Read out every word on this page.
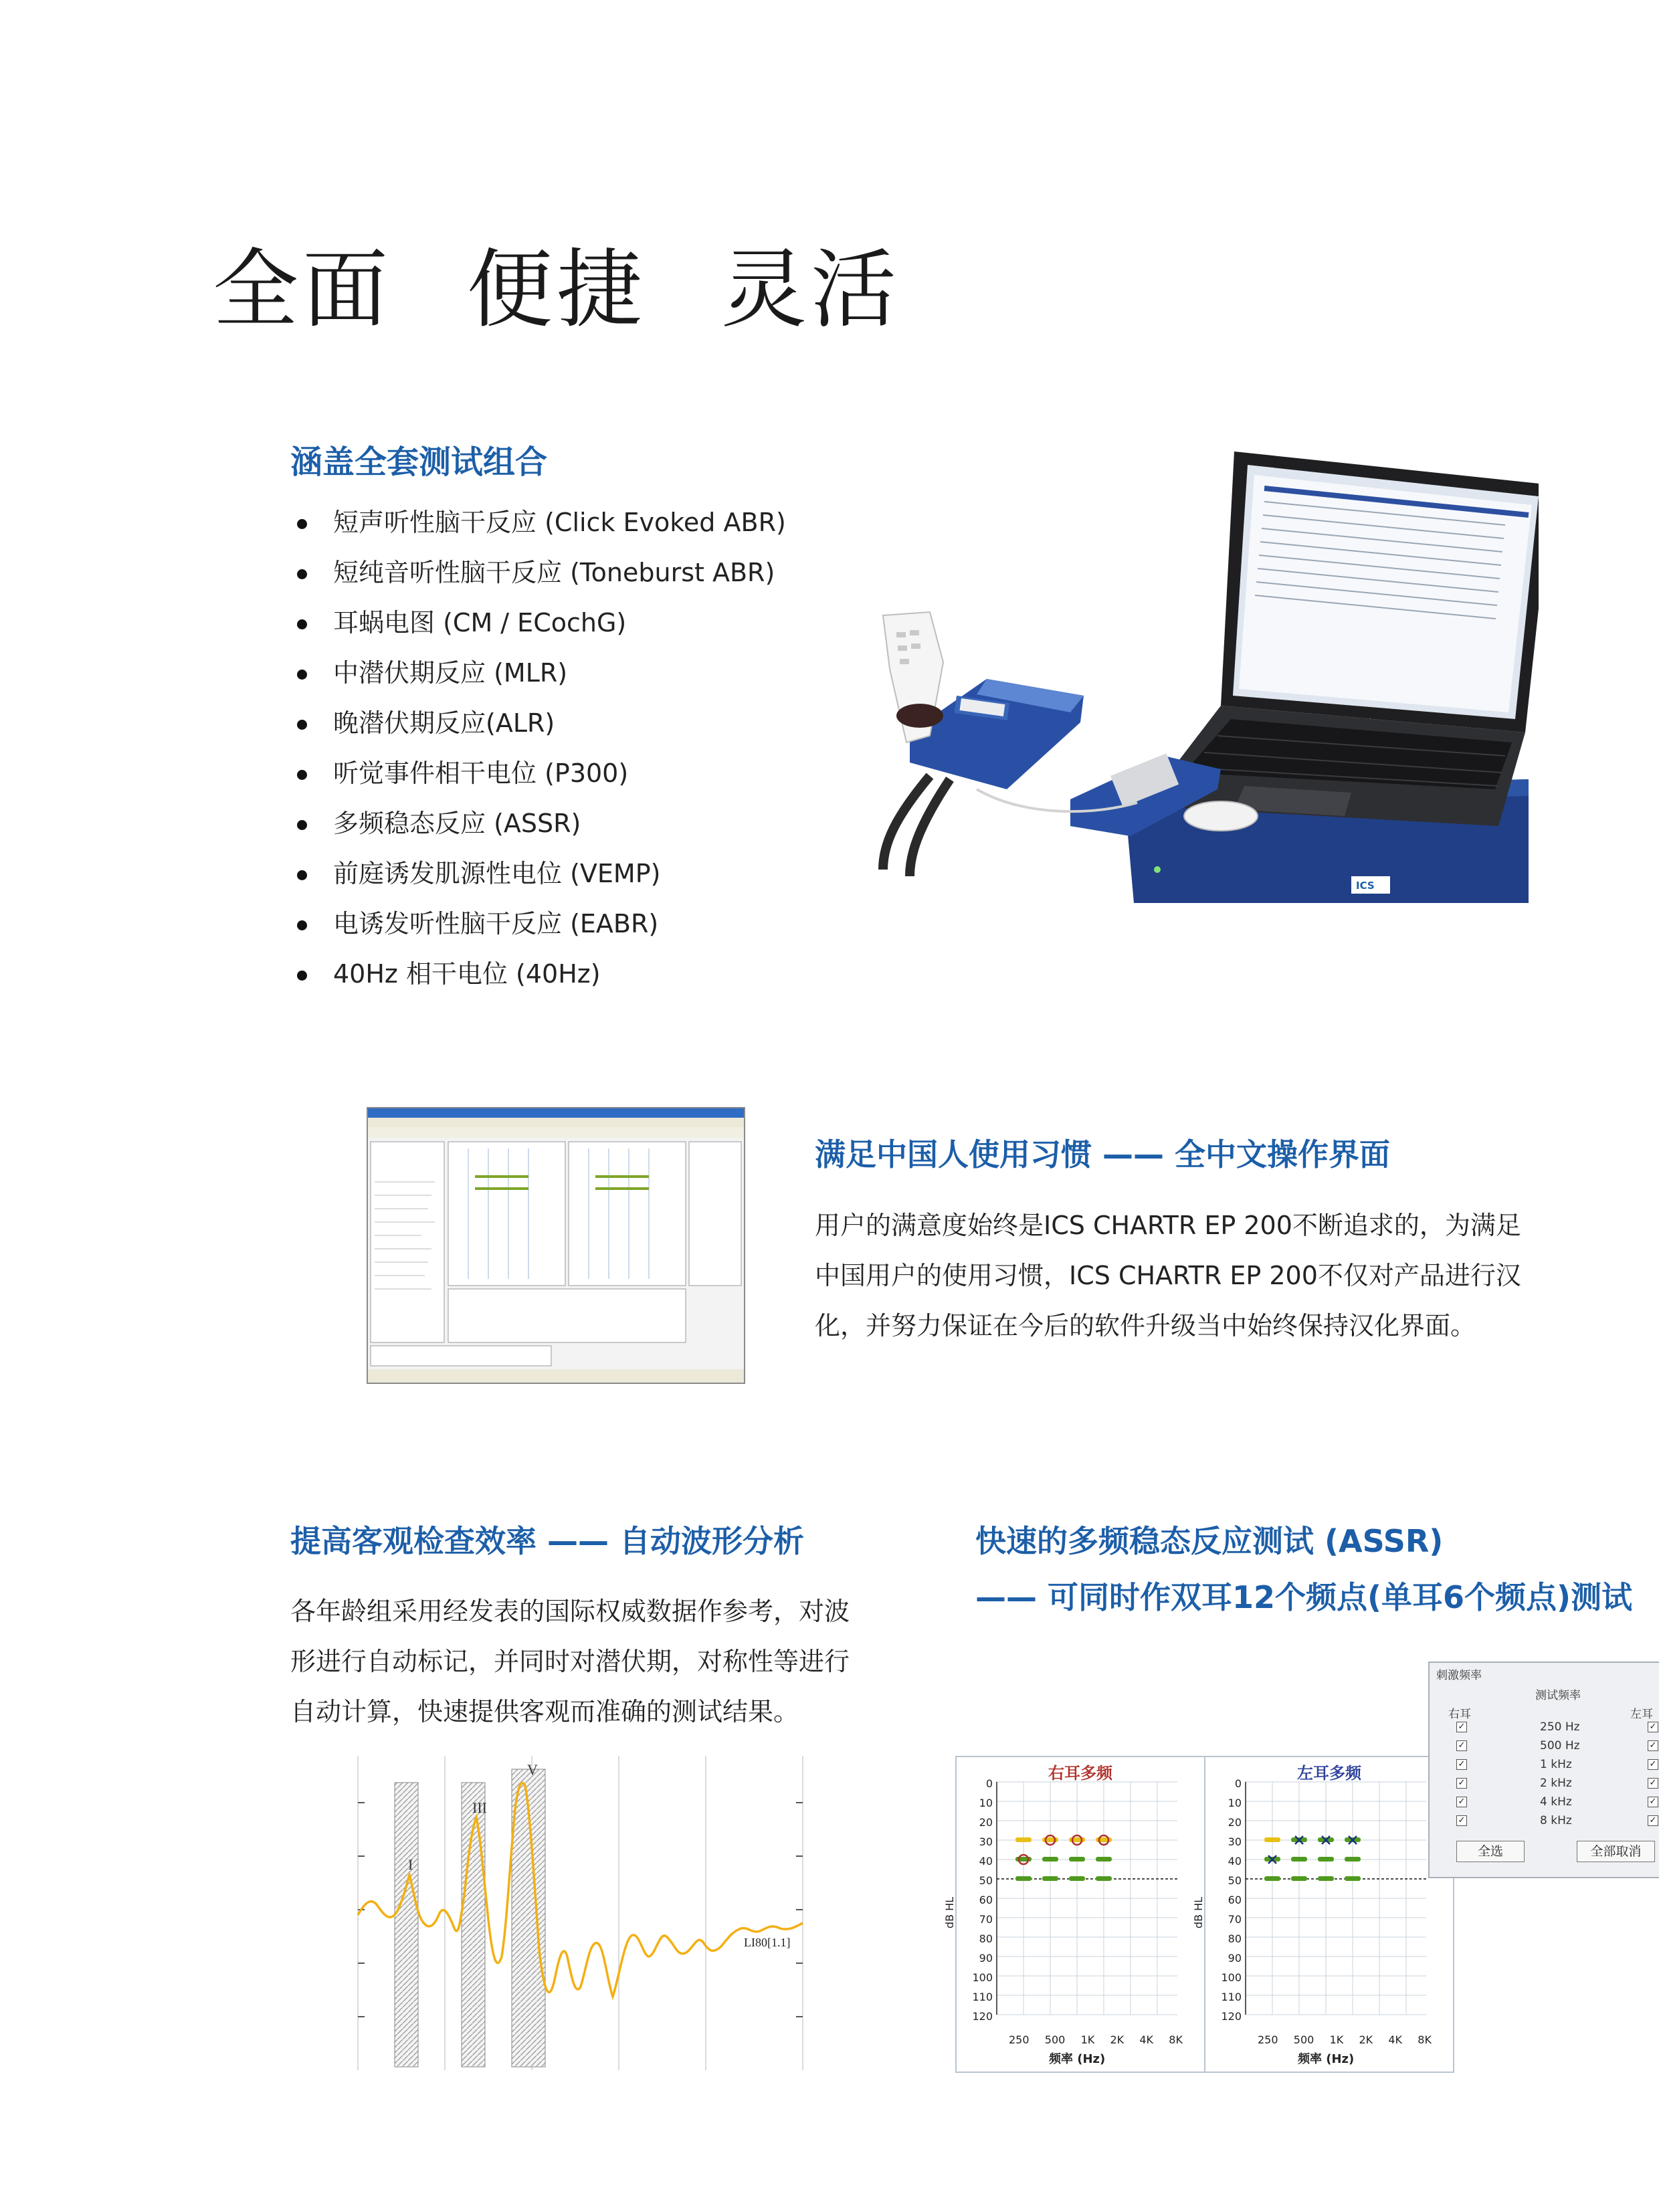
全面 便捷 灵活
涵盖全套测试组合
短声听性脑干反应 (Click Evoked ABR)
短纯音听性脑干反应 (Toneburst ABR)
耳蜗电图 (CM / ECochG)
中潜伏期反应 (MLR)
晚潜伏期反应(ALR)
听觉事件相干电位 (P300)
多频稳态反应 (ASSR)
前庭诱发肌源性电位 (VEMP)
电诱发听性脑干反应 (EABR)
40Hz 相干电位 (40Hz)
ICS
满足中国人使用习惯 —— 全中文操作界面
用户的满意度始终是ICS CHARTR EP 200不断追求的，为满足
中国用户的使用习惯，ICS CHARTR EP 200不仅对产品进行汉
化，并努力保证在今后的软件升级当中始终保持汉化界面。
提高客观检查效率 —— 自动波形分析
各年龄组采用经发表的国际权威数据作参考，对波
形进行自动标记，并同时对潜伏期，对称性等进行
自动计算，快速提供客观而准确的测试结果。
I
III
V
LI80[1.1]
快速的多频稳态反应测试 (ASSR)
—— 可同时作双耳12个频点(单耳6个频点)测试
右耳多频	左耳多频
dB HL
0
10
20
30
40
50
60
70
80
90
100
110
120
250 500 1K 2K 4K 8K
频率 (Hz)
dB HL
0
10
20
30
40
50
60
70
80
90
100
110
120
250 500 1K 2K 4K 8K
频率 (Hz)
刺激频率
测试频率
右耳	左耳
✓	250 Hz	✓
✓	500 Hz	✓
✓	1 kHz	✓
✓	2 kHz	✓
✓	4 kHz	✓
✓	8 kHz	✓
全选	全部取消
